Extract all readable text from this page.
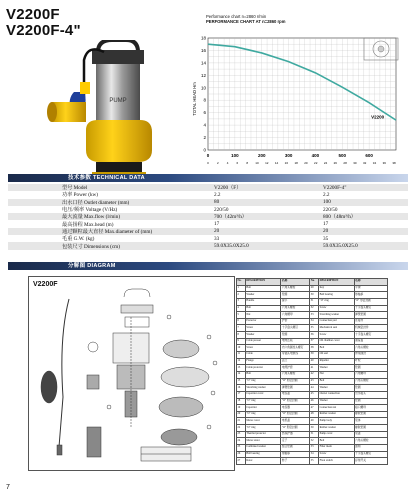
V2200F
V2200F-4"
PUMP
Performance chart n=2860 r/min
PERFORMANCE CHART AT n=2860 rpm
0
2
4
6
8
10
12
14
16
18
0	100	200	300	400	500	600
0	2	4	6	8 10 12 14 16 18 20 22 24 26 28 30 32 34 36 38
V2200
TOTAL HEAD Hm
技术参数 TECHNICAL DATA
	型号 Model	V2200（F）	V2200F-4"
	功率 Power (kw)	2.2	2.2
	出水口径 Outlet diameter (mm)	80	100
	电压/频率 Voltage (V/Hz)	220/50	220/50
	最大流量 Max.flow (l/min)	700（42m³/h）	800（48m³/h）
	最高扬程 Max.head (m)	17	17
	通过颗粒最大直径 Max.diameter of (mm)	20	20
	毛重 G.W. (kg)	33	35
	包装尺寸 Dimensions (cm)	59.0X35.0X25.0	59.0X35.0X25.0
分解图 DIAGRAM
V2200F
No.	DESCRIPTION	名称	No.	DESCRIPTION	名称
1	Bolt	六角头螺栓	29	Key	平键
2	Washer	垫圈	30	Ball bearing	球轴承
3	Handle	提手	31	"O" ring	"O" 形密封圈
4	Bolt	六角头螺栓	32	Screw	十字盘头螺钉
5	Nut	六角螺母	33	Stretching washer	弹簧垫圈
6	Protector	护套	34	Connection part	连接件
7	Screw	十字盘头螺钉	35	Mechanical seal	机械密封件
8	Washer	垫圈	36	Screw	十字盘头螺钉
9	Cable presser	电缆压板	37	Oil chamber cover	油室盖
10	Screw	内六角圆柱头螺钉	38	Bolt	六角头螺栓
11	Cable	带插头电源线	39	Oil seal	骨架油封
12	Flange	法兰	40	Impeller	叶轮
13	Cable protector	电缆护套	41	Washer	垫圈
14	Bolt	六角头螺栓	42	Nut	六角螺母
15	"O" ring	"O" 形密封圈	43	Bolt	六角头螺栓
16	Stretching washer	弹簧垫圈	44	Washer	垫圈
17	Capacitor cover	电容盖	45	Out-let connection	出水接头
18	"O" ring	"O" 形密封圈	46	Washer	垫圈
19	Capacitor	电容器	47	Connection nut	接口螺母
20	"O" ring	"O" 形密封圈	48	Rubber washer	橡胶垫圈
21	Motor cover	电机盖	49	Pump body	泵体
22	"O" ring	"O" 形密封圈	50	Rubber washer	橡胶垫圈
23	Thermal protector	热保护器	51	Pump cover	泵盖
24	Motor stator	定子	52	Bolt	六角头螺栓
25	Combined washer	组合垫圈	53	Filter mesh	滤网
26	Ball bearing	球轴承	54	Screw	十字盘头螺钉
27	Rotor	转子	55	Float switch	浮球开关
7
